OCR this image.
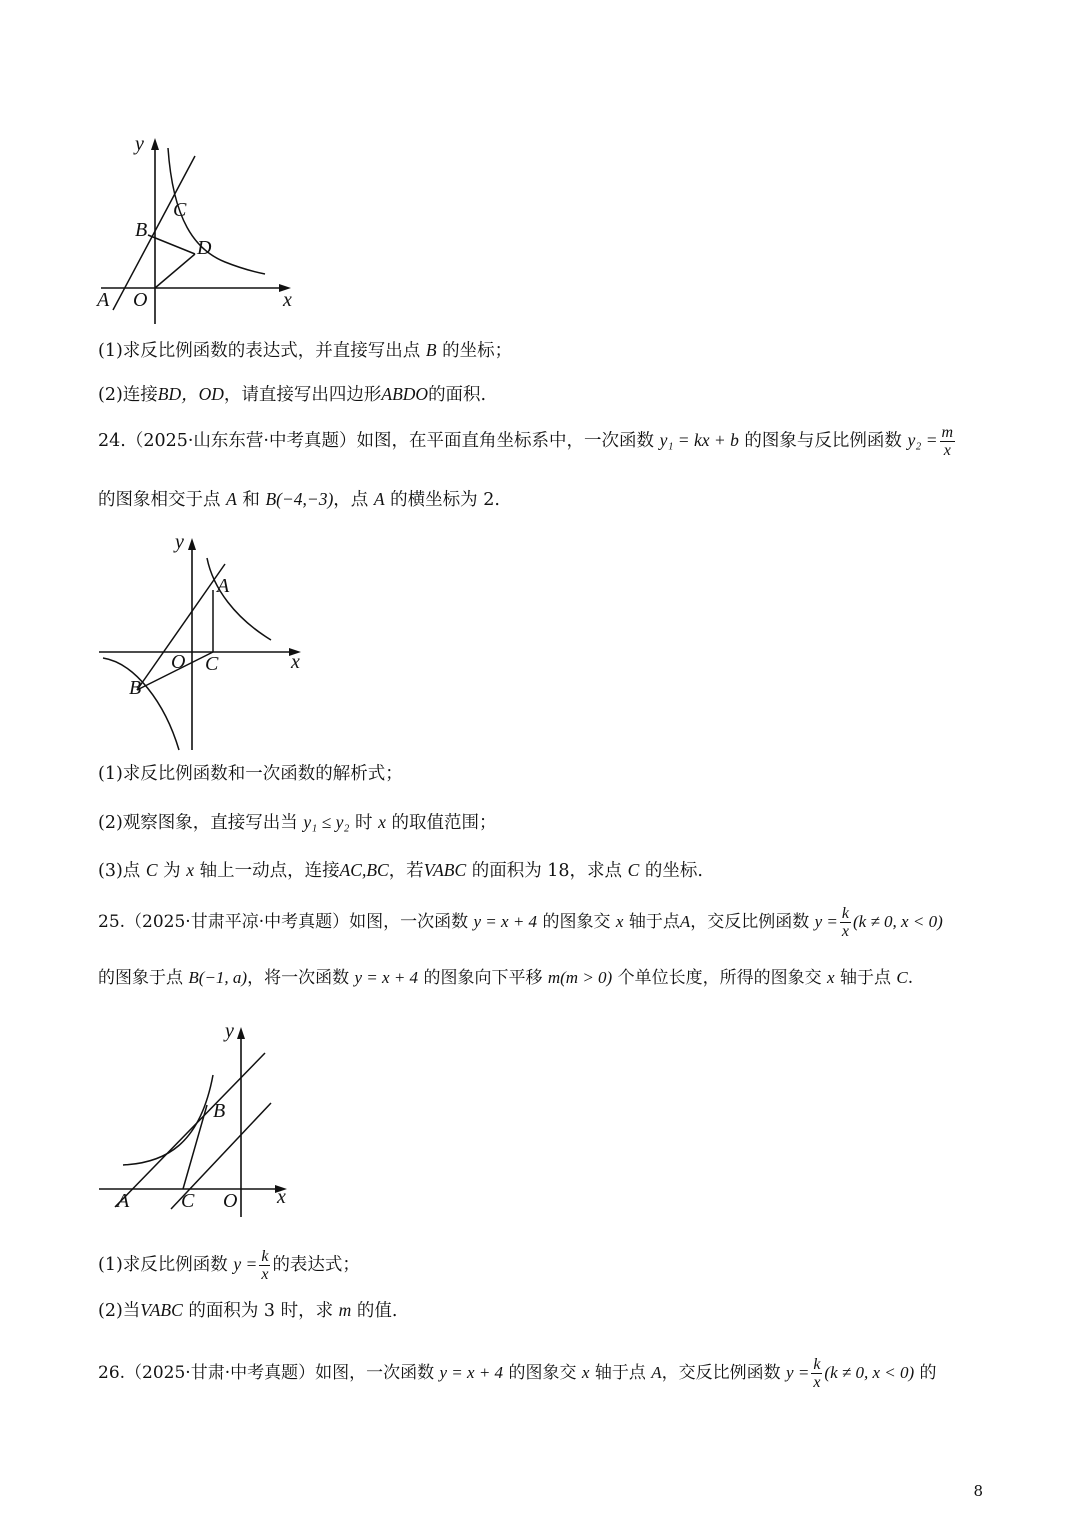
y
x
A O
B
C
D
(1)求反比例函数的表达式，并直接写出点 B 的坐标；
(2)连接BD，OD，请直接写出四边形ABDO的面积.
24.（2025·山东东营·中考真题）如图，在平面直角坐标系中，一次函数 y₁ = kx + b 的图象与反比例函数 $y_2 = \frac{m}{x}$
的图象相交于点 A 和 B(−4,−3)，点 A 的横坐标为 2.
y
x
A
O C
B
(1)求反比例函数和一次函数的解析式；
(2)观察图象，直接写出当 y₁ ≤ y₂ 时 x 的取值范围；
(3)点 C 为 x 轴上一动点，连接AC,BC，若VABC 的面积为 18，求点 C 的坐标.
25.（2025·甘肃平凉·中考真题）如图，一次函数 y = x + 4 的图象交 x 轴于点A，交反比例函数 $y = \frac{k}{x} (k \ne 0$, x < 0)
的图象于点 B(−1, a)，将一次函数 y = x + 4 的图象向下平移 m(m > 0) 个单位长度，所得的图象交 x 轴于点 C.
y
x
A	C O
B
(1)求反比例函数 $y = \frac{k}{x}$ 的表达式；
(2)当VABC 的面积为 3 时，求 m 的值.
26.（2025·甘肃·中考真题）如图，一次函数 y = x + 4 的图象交 x 轴于点 A，交反比例函数 $y = \frac{k}{x} (k \ne 0$, x < 0) 的
8
